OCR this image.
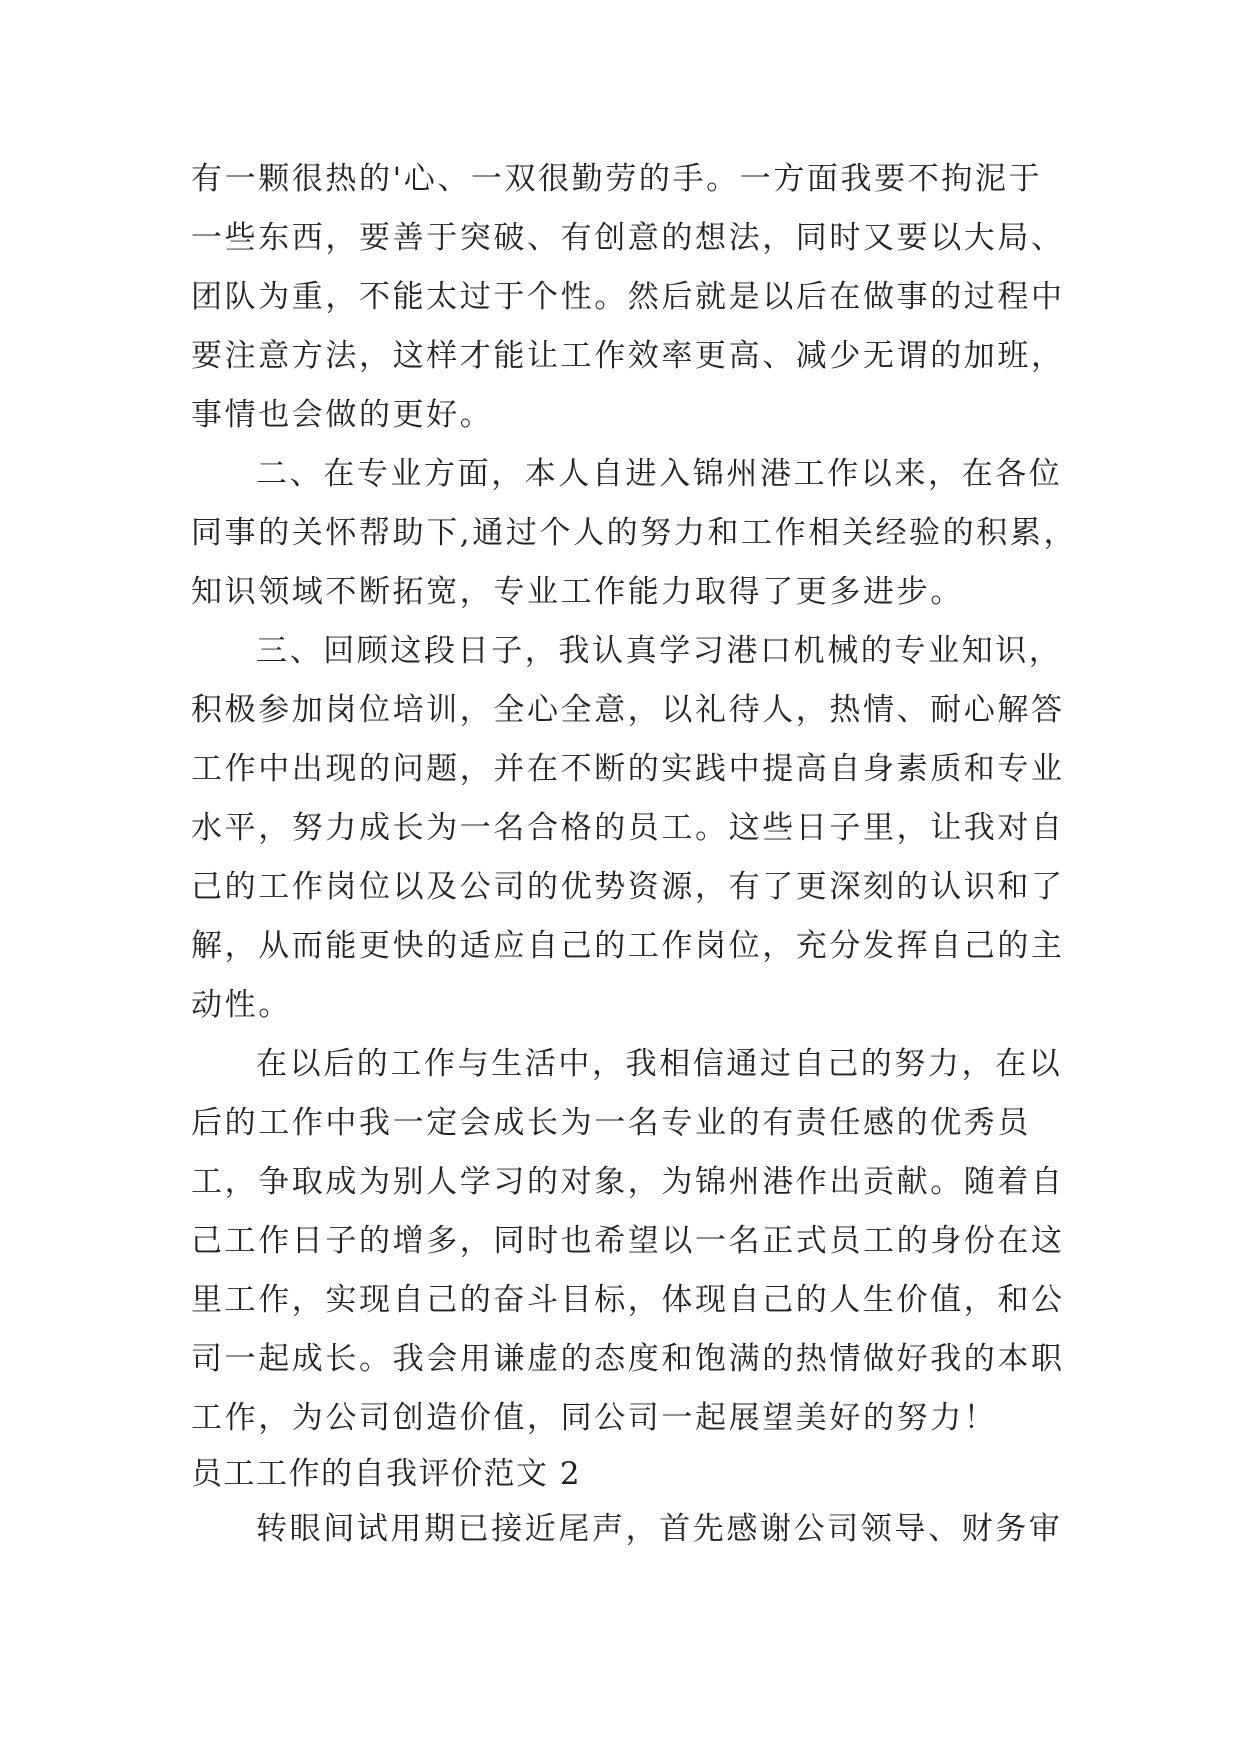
有一颗很热的'心、一双很勤劳的手。一方面我要不拘泥于
一些东西，要善于突破、有创意的想法，同时又要以大局、
团队为重，不能太过于个性。然后就是以后在做事的过程中
要注意方法，这样才能让工作效率更高、减少无谓的加班，
事情也会做的更好。
二、在专业方面，本人自进入锦州港工作以来，在各位
同事的关怀帮助下,通过个人的努力和工作相关经验的积累，
知识领域不断拓宽，专业工作能力取得了更多进步。
三、回顾这段日子，我认真学习港口机械的专业知识，
积极参加岗位培训，全心全意，以礼待人，热情、耐心解答
工作中出现的问题，并在不断的实践中提高自身素质和专业
水平，努力成长为一名合格的员工。这些日子里，让我对自
己的工作岗位以及公司的优势资源，有了更深刻的认识和了
解，从而能更快的适应自己的工作岗位，充分发挥自己的主
动性。
在以后的工作与生活中，我相信通过自己的努力，在以
后的工作中我一定会成长为一名专业的有责任感的优秀员
工，争取成为别人学习的对象，为锦州港作出贡献。随着自
己工作日子的增多，同时也希望以一名正式员工的身份在这
里工作，实现自己的奋斗目标，体现自己的人生价值，和公
司一起成长。我会用谦虚的态度和饱满的热情做好我的本职
工作，为公司创造价值，同公司一起展望美好的努力！
员工工作的自我评价范文 2
转眼间试用期已接近尾声，首先感谢公司领导、财务审
